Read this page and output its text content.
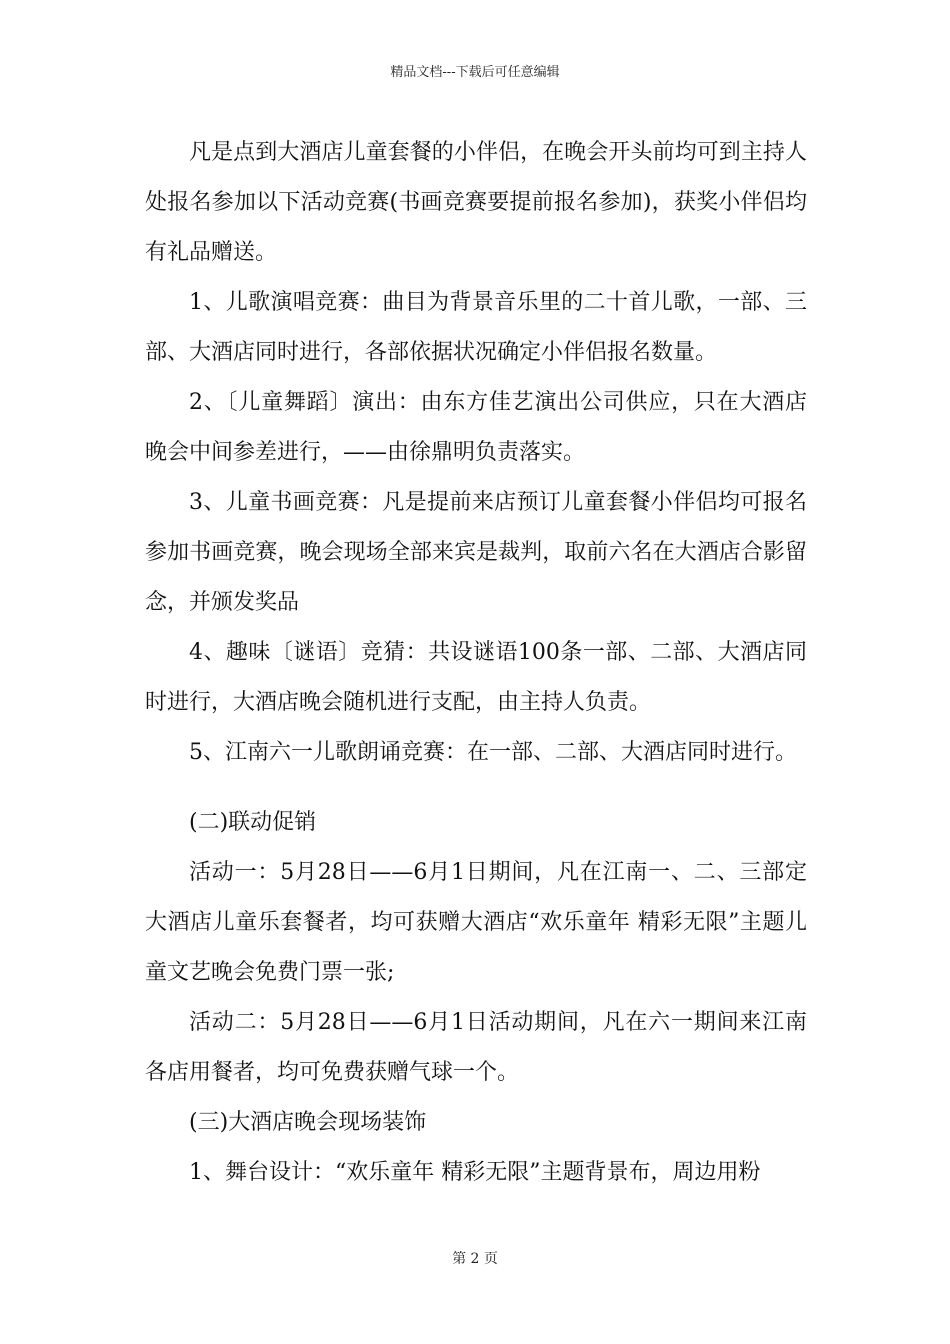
精品文档---下载后可任意编辑

凡是点到大酒店儿童套餐的小伴侣，在晚会开头前均可到主持人处报名参加以下活动竞赛(书画竞赛要提前报名参加)，获奖小伴侣均有礼品赠送。

1、儿歌演唱竞赛：曲目为背景音乐里的二十首儿歌，一部、三部、大酒店同时进行，各部依据状况确定小伴侣报名数量。

2、〔儿童舞蹈〕演出：由东方佳艺演出公司供应，只在大酒店晚会中间参差进行，——由徐鼎明负责落实。

3、儿童书画竞赛：凡是提前来店预订儿童套餐小伴侣均可报名参加书画竞赛，晚会现场全部来宾是裁判，取前六名在大酒店合影留念，并颁发奖品

4、趣味〔谜语〕竞猜：共设谜语100条一部、二部、大酒店同时进行，大酒店晚会随机进行支配，由主持人负责。

5、江南六一儿歌朗诵竞赛：在一部、二部、大酒店同时进行。

(二)联动促销

活动一：5月28日——6月1日期间，凡在江南一、二、三部定大酒店儿童乐套餐者，均可获赠大酒店“欢乐童年 精彩无限”主题儿童文艺晚会免费门票一张;

活动二：5月28日——6月1日活动期间，凡在六一期间来江南各店用餐者，均可免费获赠气球一个。

(三)大酒店晚会现场装饰

1、舞台设计：“欢乐童年 精彩无限”主题背景布，周边用粉

第 2 页
